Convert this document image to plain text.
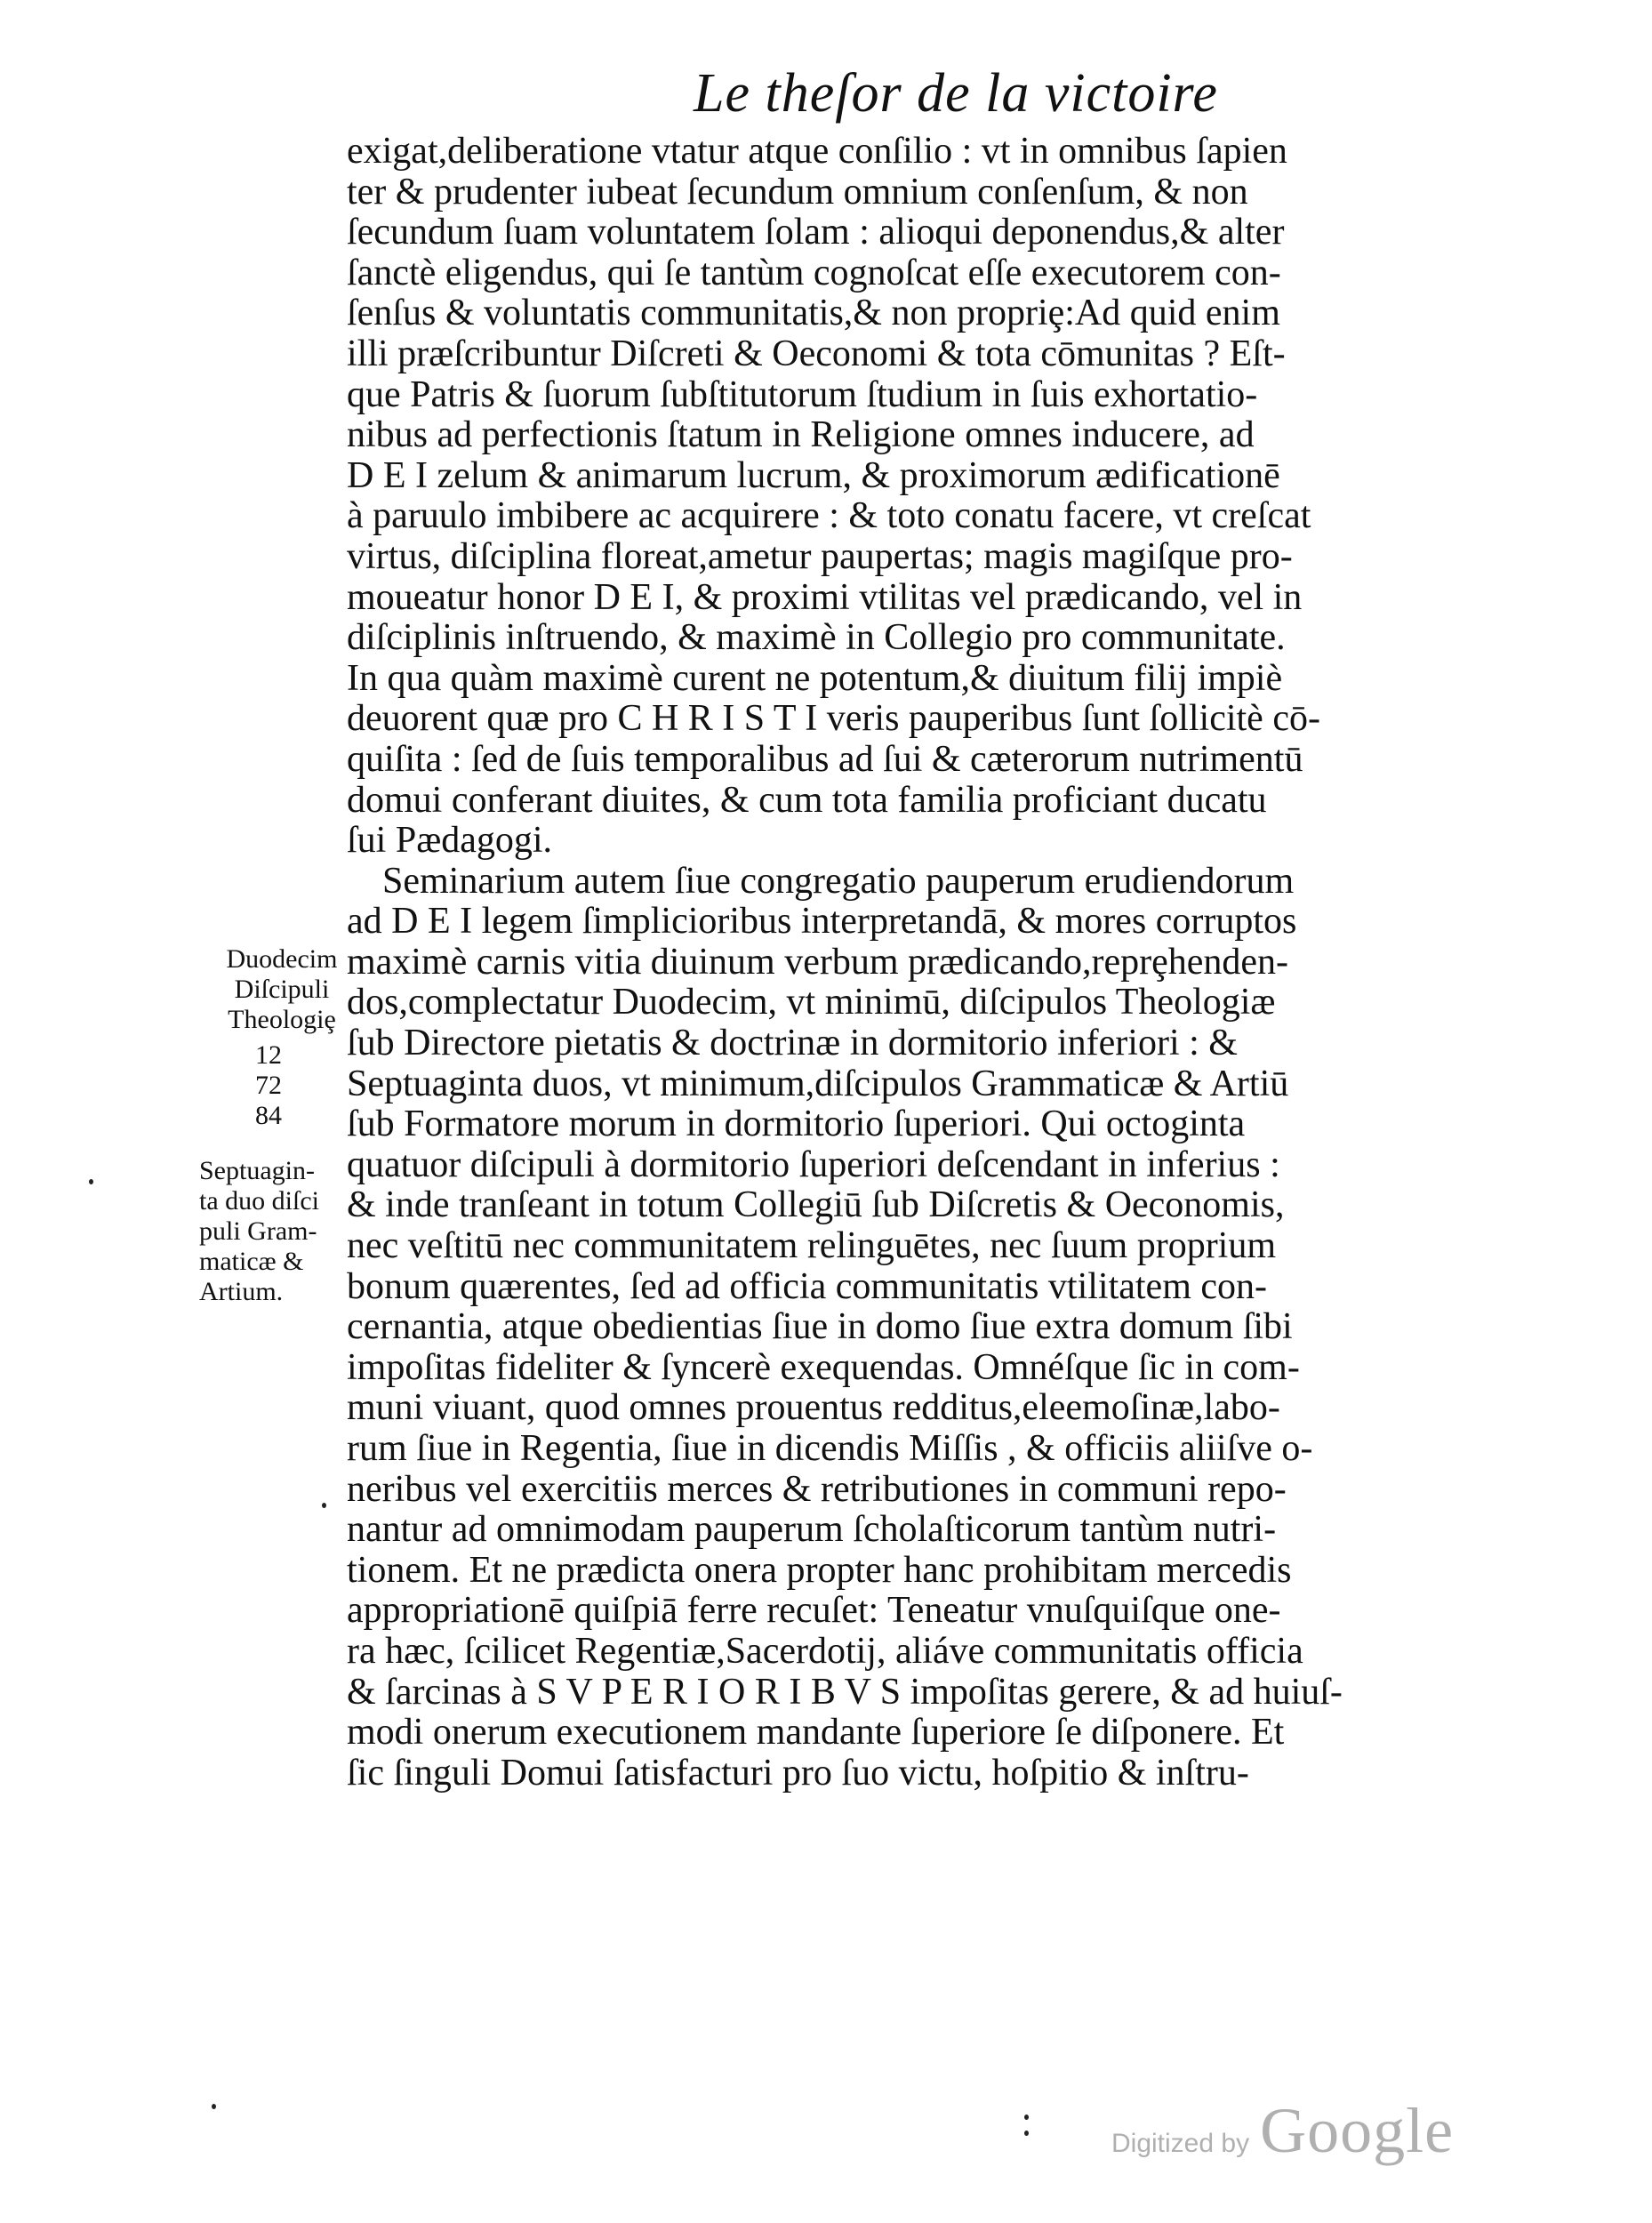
Le theſor de la victoire
exigat,deliberatione vtatur atque conſilio : vt in omnibus ſapien
ter & prudenter iubeat ſecundum omnium conſenſum, & non
ſecundum ſuam voluntatem ſolam : alioqui deponendus,& alter
ſanctè eligendus, qui ſe tantùm cognoſcat eſſe executorem con-
ſenſus & voluntatis communitatis,& non propriȩ:Ad quid enim
illi præſcribuntur Diſcreti & Oeconomi & tota cōmunitas ? Eſt-
que Patris & ſuorum ſubſtitutorum ſtudium in ſuis exhortatio-
nibus ad perfectionis ſtatum in Religione omnes inducere, ad
D E I zelum & animarum lucrum, & proximorum ædificationē
à paruulo imbibere ac acquirere : & toto conatu facere, vt creſcat
virtus, diſciplina floreat,ametur paupertas; magis magiſque pro-
moueatur honor D E I, & proximi vtilitas vel prædicando, vel in
diſciplinis inſtruendo, & maximè in Collegio pro communitate.
In qua quàm maximè curent ne potentum,& diuitum filij impiè
deuorent quæ pro C H R I S T I veris pauperibus ſunt ſollicitè cō-
quiſita : ſed de ſuis temporalibus ad ſui & cæterorum nutrimentū
domui conferant diuites, & cum tota familia proficiant ducatu
ſui Pædagogi.
Seminarium autem ſiue congregatio pauperum erudiendorum
ad D E I legem ſimplicioribus interpretandā, & mores corruptos
maximè carnis vitia diuinum verbum prædicando,reprȩhenden-
dos,complectatur Duodecim, vt minimū, diſcipulos Theologiæ
ſub Directore pietatis & doctrinæ in dormitorio inferiori : &
Septuaginta duos, vt minimum,diſcipulos Grammaticæ & Artiū
ſub Formatore morum in dormitorio ſuperiori. Qui octoginta
quatuor diſcipuli à dormitorio ſuperiori deſcendant in inferius :
& inde tranſeant in totum Collegiū ſub Diſcretis & Oeconomis,
nec veſtitū nec communitatem relinguētes, nec ſuum proprium
bonum quærentes, ſed ad officia communitatis vtilitatem con-
cernantia, atque obedientias ſiue in domo ſiue extra domum ſibi
impoſitas fideliter & ſyncerè exequendas. Omnéſque ſic in com-
muni viuant, quod omnes prouentus redditus,eleemoſinæ,labo-
rum ſiue in Regentia, ſiue in dicendis Miſſis , & officiis aliiſve o-
neribus vel exercitiis merces & retributiones in communi repo-
nantur ad omnimodam pauperum ſcholaſticorum tantùm nutri-
tionem. Et ne prædicta onera propter hanc prohibitam mercedis
appropriationē quiſpiā ferre recuſet: Teneatur vnuſquiſque one-
ra hæc, ſcilicet Regentiæ,Sacerdotij, aliáve communitatis officia
& ſarcinas à S V P E R I O R I B V S impoſitas gerere, & ad huiuſ-
modi onerum executionem mandante ſuperiore ſe diſponere. Et
ſic ſinguli Domui ſatisfacturi pro ſuo victu, hoſpitio & inſtru-
Duodecim
Diſcipuli
Theologiȩ
12
72
84
Septuagin-
ta duo diſci
puli Gram-
maticæ &
Artium.
Digitized by Google
